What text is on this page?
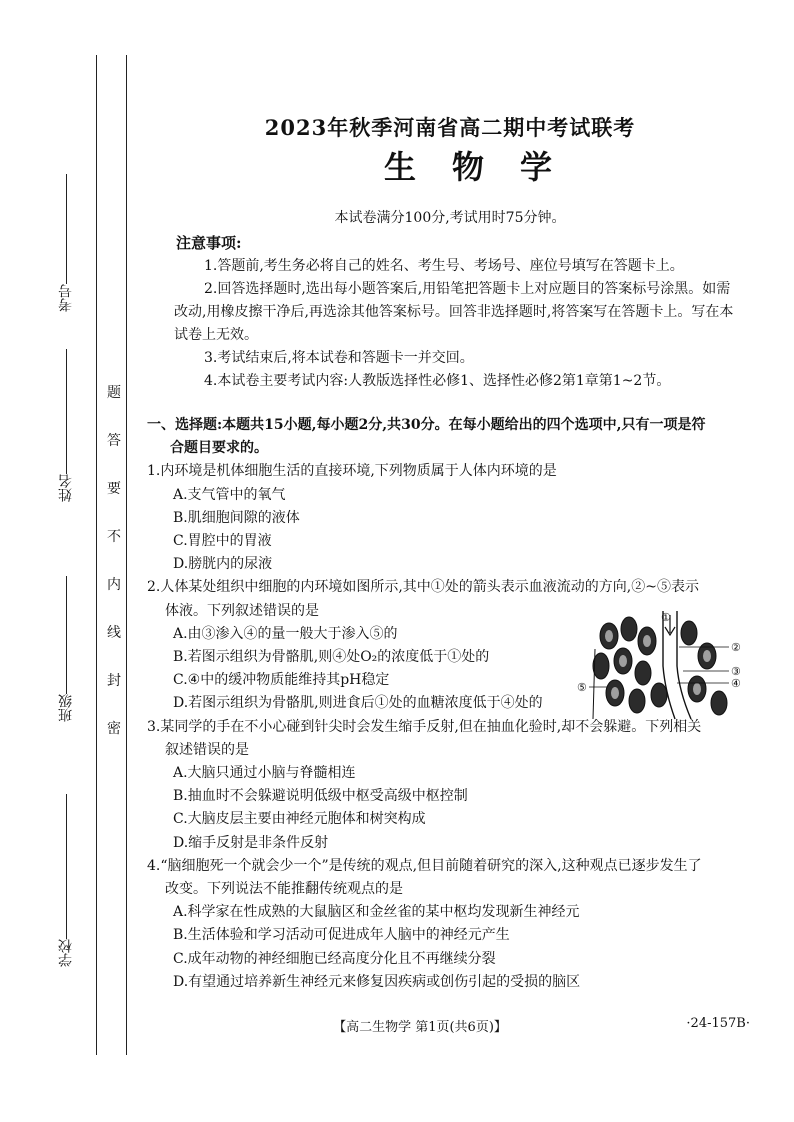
考号
姓名
班级
学校
题
答
要
不
内
线
封
密
2023年秋季河南省高二期中考试联考
生物学
本试卷满分100分,考试用时75分钟。
注意事项:

1.答题前,考生务必将自己的姓名、考生号、考场号、座位号填写在答题卡上。

2.回答选择题时,选出每小题答案后,用铅笔把答题卡上对应题目的答案标号涂黑。如需改动,用橡皮擦干净后,再选涂其他答案标号。回答非选择题时,将答案写在答题卡上。写在本试卷上无效。

3.考试结束后,将本试卷和答题卡一并交回。

4.本试卷主要考试内容:人教版选择性必修1、选择性必修2第1章第1~2节。

一、选择题:本题共15小题,每小题2分,共30分。在每小题给出的四个选项中,只有一项是符
合题目要求的。
1.内环境是机体细胞生活的直接环境,下列物质属于人体内环境的是
A.支气管中的氧气
B.肌细胞间隙的液体
C.胃腔中的胃液
D.膀胱内的尿液
2.人体某处组织中细胞的内环境如图所示,其中①处的箭头表示血液流动的方向,②~⑤表示
体液。下列叙述错误的是
A.由③渗入④的量一般大于渗入⑤的
B.若图示组织为骨骼肌,则④处O₂的浓度低于①处的
C.④中的缓冲物质能维持其pH稳定
D.若图示组织为骨骼肌,则进食后①处的血糖浓度低于④处的
①
②
③
④
⑤
3.某同学的手在不小心碰到针尖时会发生缩手反射,但在抽血化验时,却不会躲避。下列相关
叙述错误的是
A.大脑只通过小脑与脊髓相连
B.抽血时不会躲避说明低级中枢受高级中枢控制
C.大脑皮层主要由神经元胞体和树突构成
D.缩手反射是非条件反射
4.“脑细胞死一个就会少一个”是传统的观点,但目前随着研究的深入,这种观点已逐步发生了
改变。下列说法不能推翻传统观点的是
A.科学家在性成熟的大鼠脑区和金丝雀的某中枢均发现新生神经元
B.生活体验和学习活动可促进成年人脑中的神经元产生
C.成年动物的神经细胞已经高度分化且不再继续分裂
D.有望通过培养新生神经元来修复因疾病或创伤引起的受损的脑区
【高二生物学 第1页(共6页)】	·24-157B·
